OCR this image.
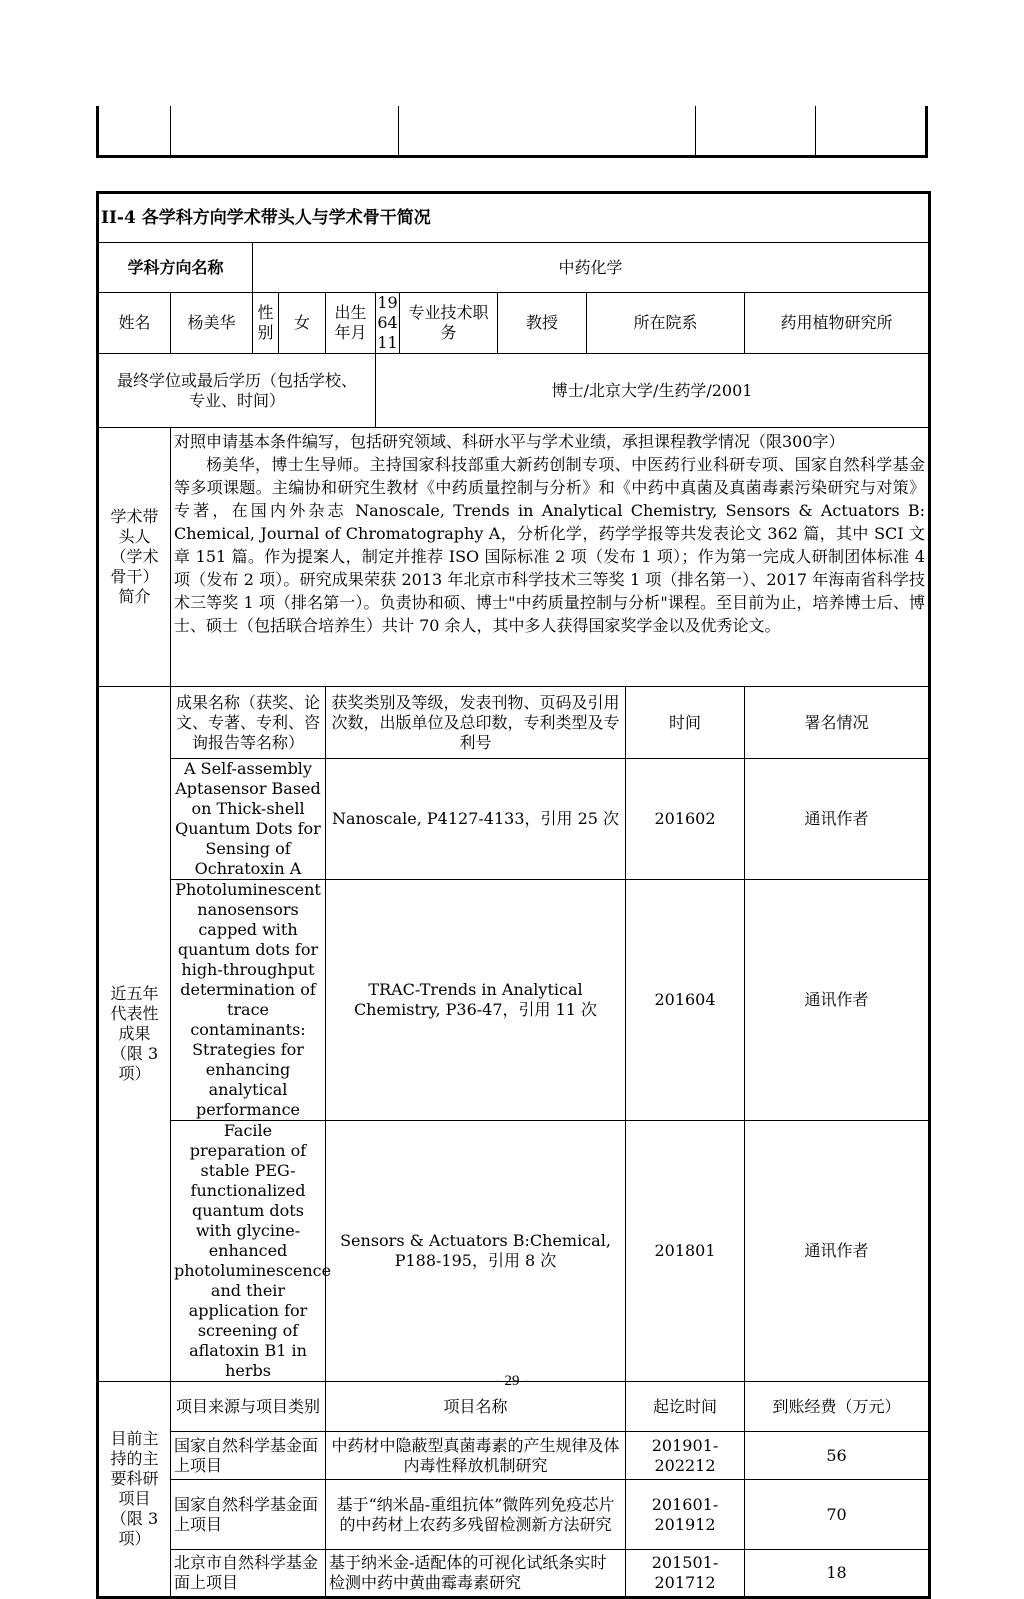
II-4 各学科方向学术带头人与学术骨干简况										
学科方向名称		中药化学								
姓名	杨美华	性别	女	出生年月	196411	专业技术职　务	教授	所在院系		药用植物研究所
最终学位或最后学历（包括学校、专业、时间）					博士/北京大学/生药学/2001					
学术带头人（学术骨干）简介	对照申请基本条件编写，包括研究领域、科研水平与学术业绩，承担课程教学情况（限300字）
杨美华，博士生导师。主持国家科技部重大新药创制专项、中医药行业科研专项、国家自然科学基金等多项课题。主编协和研究生教材《中药质量控制与分析》和《中药中真菌及真菌毒素污染研究与对策》专著，在国内外杂志 Nanoscale, Trends in Analytical Chemistry, Sensors & Actuators B: Chemical, Journal of Chromatography A，分析化学，药学学报等共发表论文 362 篇，其中 SCI 文章 151 篇。作为提案人，制定并推荐 ISO 国际标准 2 项（发布 1 项）；作为第一完成人研制团体标准 4 项（发布 2 项）。研究成果荣获 2013 年北京市科学技术三等奖 1 项（排名第一）、2017 年海南省科学技术三等奖 1 项（排名第一）。负责协和硕、博士"中药质量控制与分析"课程。至目前为止，培养博士后、博士、硕士（包括联合培养生）共计 70 余人，其中多人获得国家奖学金以及优秀论文。									

近五年代表性成果（限 3 项）	成果名称（获奖、论文、专著、专利、咨询报告等名称）			获奖类别及等级，发表刊物、页码及引用次数，出版单位及总印数，专利类型及专利号					时间	署名情况
	A Self-assembly Aptasensor Based on Thick-shell Quantum Dots for Sensing of Ochratoxin A			Nanoscale, P4127-4133，引用 25 次					201602	通讯作者
	Photoluminescent nanosensors capped with quantum dots for high-throughput determination of trace contaminants: Strategies for enhancing analytical performance			TRAC-Trends in Analytical Chemistry, P36-47，引用 11 次					201604	通讯作者
	Facile preparation of stable PEG-functionalized quantum dots with glycine-enhanced photoluminescence and their application for screening of aflatoxin B1 in herbs			Sensors & Actuators B:Chemical, P188-195，引用 8 次					201801	通讯作者
目前主持的主要科研项目（限 3 项）	项目来源与项目类别			项目名称					起讫时间	到账经费（万元）
	国家自然科学基金面上项目			中药材中隐蔽型真菌毒素的产生规律及体内毒性释放机制研究					201901-202212	56
	国家自然科学基金面上项目			基于“纳米晶-重组抗体”微阵列免疫芯片的中药材上农药多残留检测新方法研究					201601-201912	70
	北京市自然科学基金面上项目			基于纳米金-适配体的可视化试纸条实时检测中药中黄曲霉毒素研究					201501-201712	18
- 29 -
